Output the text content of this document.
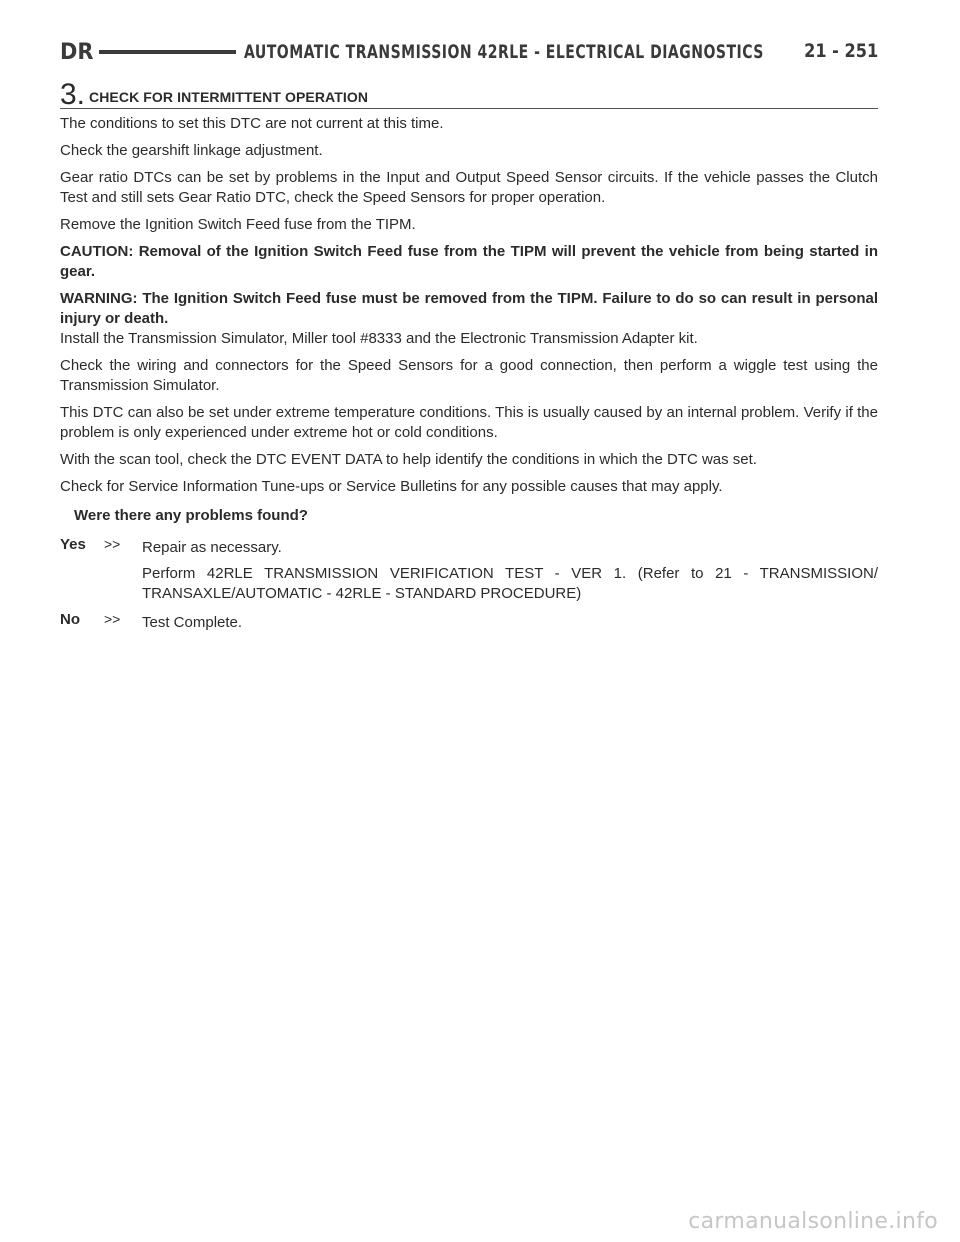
DR	AUTOMATIC TRANSMISSION 42RLE - ELECTRICAL DIAGNOSTICS 21 - 251
3. CHECK FOR INTERMITTENT OPERATION

The conditions to set this DTC are not current at this time.

Check the gearshift linkage adjustment.

Gear ratio DTCs can be set by problems in the Input and Output Speed Sensor circuits. If the vehicle passes the Clutch Test and still sets Gear Ratio DTC, check the Speed Sensors for proper operation.

Remove the Ignition Switch Feed fuse from the TIPM.

CAUTION: Removal of the Ignition Switch Feed fuse from the TIPM will prevent the vehicle from being started in gear.

WARNING: The Ignition Switch Feed fuse must be removed from the TIPM. Failure to do so can result in personal injury or death.

Install the Transmission Simulator, Miller tool #8333 and the Electronic Transmission Adapter kit.

Check the wiring and connectors for the Speed Sensors for a good connection, then perform a wiggle test using the Transmission Simulator.

This DTC can also be set under extreme temperature conditions. This is usually caused by an internal problem. Verify if the problem is only experienced under extreme hot or cold conditions.

With the scan tool, check the DTC EVENT DATA to help identify the conditions in which the DTC was set.

Check for Service Information Tune-ups or Service Bulletins for any possible causes that may apply.

Were there any problems found?
Yes	>>	Repair as necessary.

Perform 42RLE TRANSMISSION VERIFICATION TEST - VER 1. (Refer to 21 - TRANSMISSION/ TRANSAXLE/AUTOMATIC - 42RLE - STANDARD PROCEDURE)

No	>>	Test Complete.

carmanualsonline.info
